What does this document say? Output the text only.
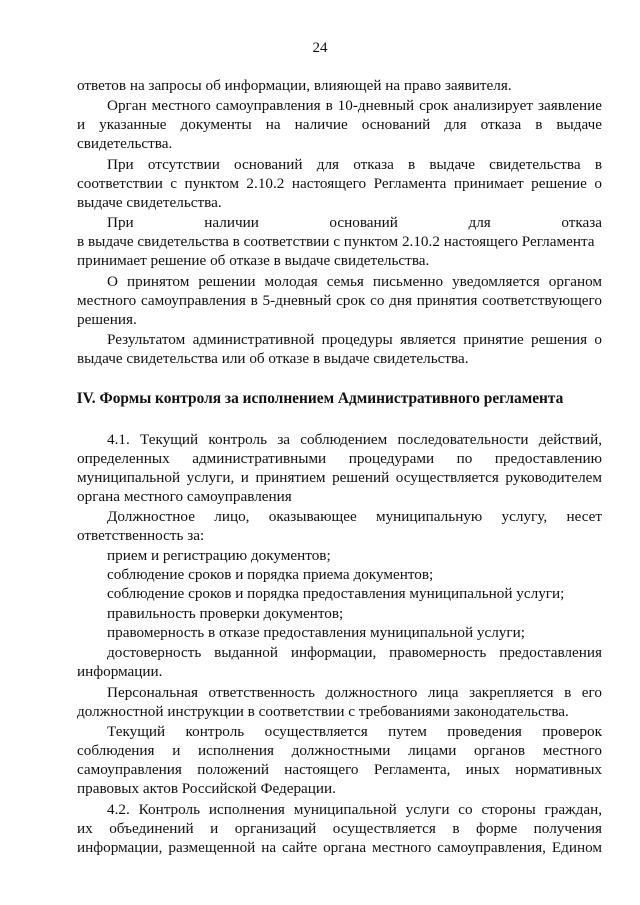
24
ответов на запросы об информации, влияющей на право заявителя.
Орган местного самоуправления в 10-дневный срок анализирует заявление
и указанные документы на наличие оснований для отказа в выдаче
свидетельства.
При отсутствии оснований для отказа в выдаче свидетельства в
соответствии с пунктом 2.10.2 настоящего Регламента принимает решение о
выдаче свидетельства.
При наличии оснований для отказа
в выдаче свидетельства в соответствии с пунктом 2.10.2 настоящего Регламента
принимает решение об отказе в выдаче свидетельства.
О принятом решении молодая семья письменно уведомляется органом
местного самоуправления в 5-дневный срок со дня принятия соответствующего
решения.
Результатом административной процедуры является принятие решения о
выдаче свидетельства или об отказе в выдаче свидетельства.
IV. Формы контроля за исполнением Административного регламента
4.1. Текущий контроль за соблюдением последовательности действий,
определенных административными процедурами по предоставлению
муниципальной услуги, и принятием решений осуществляется руководителем
органа местного самоуправления
Должностное лицо, оказывающее муниципальную услугу, несет
ответственность за:
прием и регистрацию документов;
соблюдение сроков и порядка приема документов;
соблюдение сроков и порядка предоставления муниципальной услуги;
правильность проверки документов;
правомерность в отказе предоставления муниципальной услуги;
достоверность выданной информации, правомерность предоставления
информации.
Персональная ответственность должностного лица закрепляется в его
должностной инструкции в соответствии с требованиями законодательства.
Текущий контроль осуществляется путем проведения проверок
соблюдения и исполнения должностными лицами органов местного
самоуправления положений настоящего Регламента, иных нормативных
правовых актов Российской Федерации.
4.2. Контроль исполнения муниципальной услуги со стороны граждан,
их объединений и организаций осуществляется в форме получения
информации, размещенной на сайте органа местного самоуправления, Едином
